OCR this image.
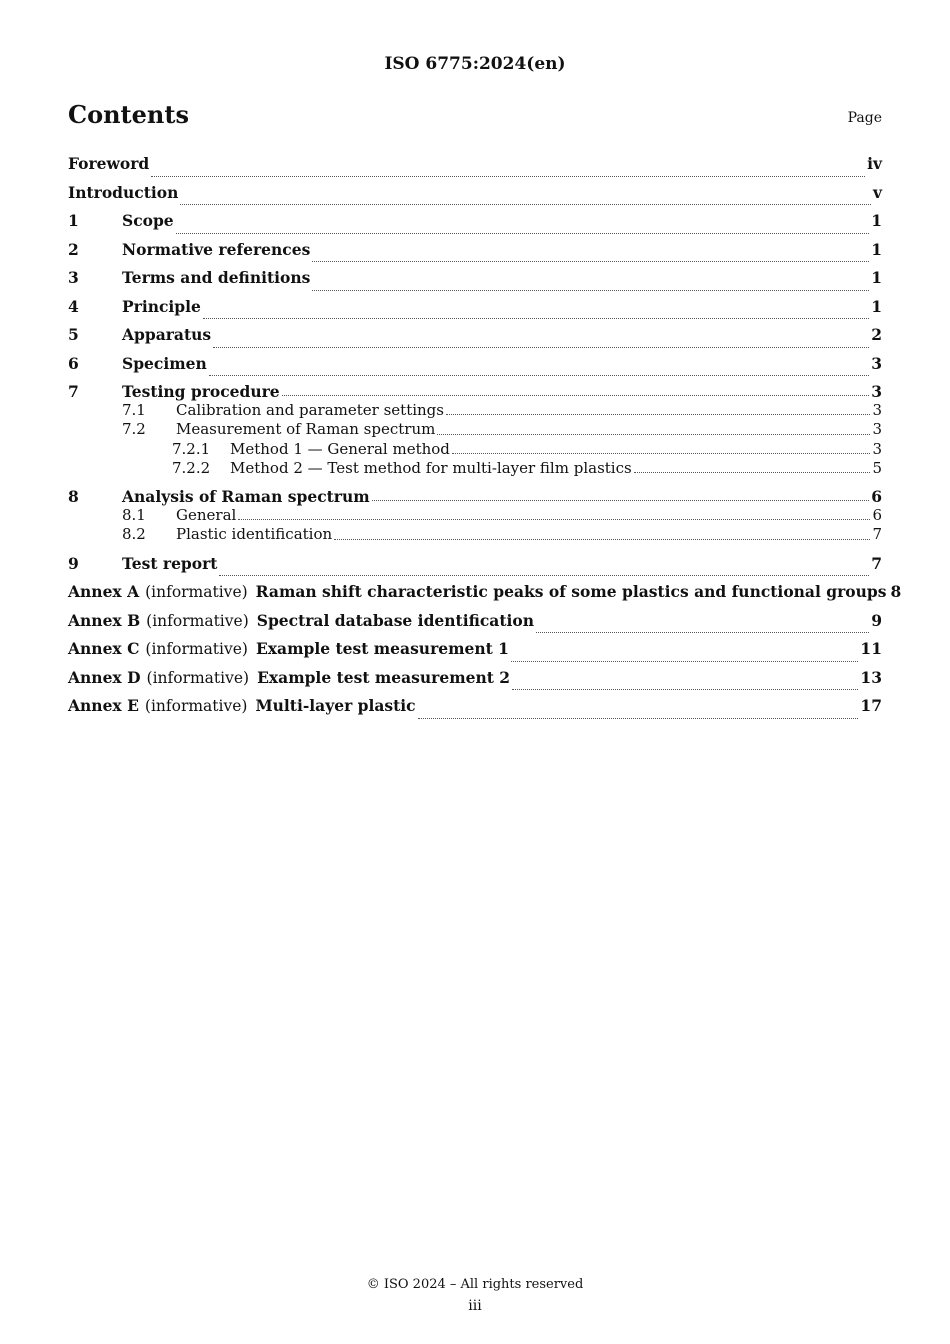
ISO 6775:2024(en)
Contents	Page
Foreword	iv
Introduction	v
1	Scope	1
2	Normative references	1
3	Terms and definitions	1
4	Principle	1
5	Apparatus	2
6	Specimen	3
7	Testing procedure	3
7.1	Calibration and parameter settings	3
7.2	Measurement of Raman spectrum	3
7.2.1	Method 1 — General method	3
7.2.2	Method 2 — Test method for multi-layer film plastics	5
8	Analysis of Raman spectrum	6
8.1	General	6
8.2	Plastic identification	7
9	Test report	7
Annex A (informative) Raman shift characteristic peaks of some plastics and functional groups 8
Annex B (informative) Spectral database identification	9
Annex C (informative) Example test measurement 1	11
Annex D (informative) Example test measurement 2	13
Annex E (informative) Multi-layer plastic	17
© ISO 2024 – All rights reserved
iii
